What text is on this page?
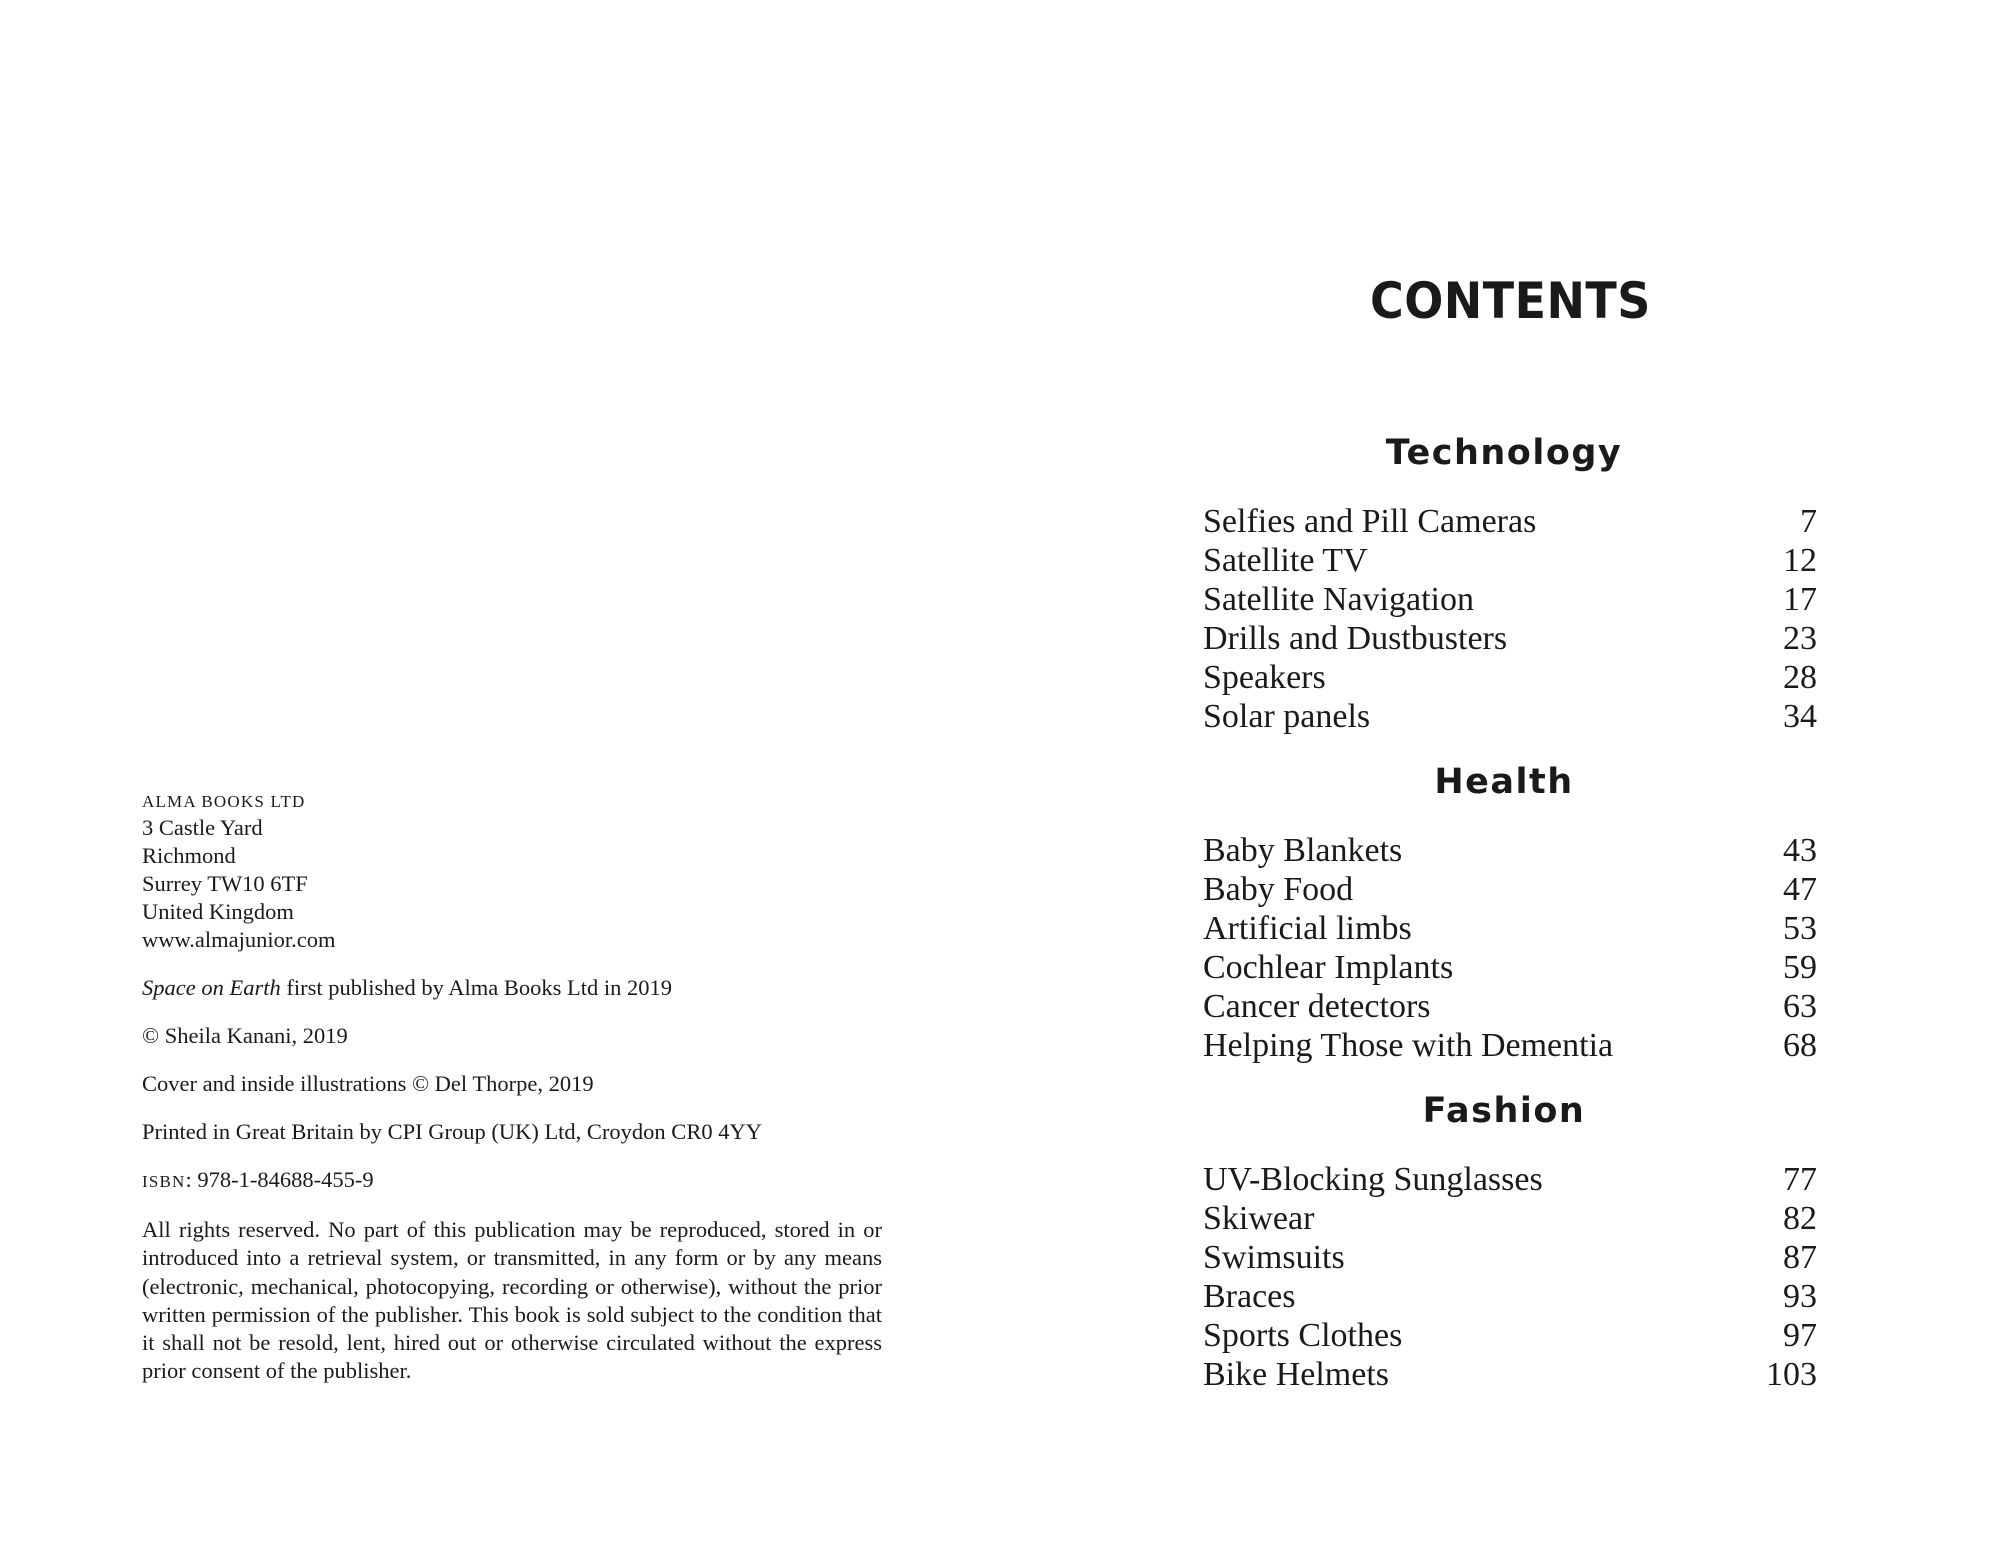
ALMA BOOKS LTD
3 Castle Yard
Richmond
Surrey TW10 6TF
United Kingdom
www.almajunior.com

Space on Earth first published by Alma Books Ltd in 2019

© Sheila Kanani, 2019

Cover and inside illustrations © Del Thorpe, 2019

Printed in Great Britain by CPI Group (UK) Ltd, Croydon CR0 4YY

ISBN: 978-1-84688-455-9

All rights reserved. No part of this publication may be reproduced, stored in or introduced into a retrieval system, or transmitted, in any form or by any means (electronic, mechanical, photocopying, recording or otherwise), without the prior written permission of the publisher. This book is sold subject to the condition that it shall not be resold, lent, hired out or otherwise circulated without the express prior consent of the publisher.

CONTENTS
Technology
Selfies and Pill Cameras	7
Satellite TV	12
Satellite Navigation	17
Drills and Dustbusters	23
Speakers	28
Solar panels	34
Health
Baby Blankets	43
Baby Food	47
Artificial limbs	53
Cochlear Implants	59
Cancer detectors	63
Helping Those with Dementia	68
Fashion
UV-Blocking Sunglasses	77
Skiwear	82
Swimsuits	87
Braces	93
Sports Clothes	97
Bike Helmets	103
